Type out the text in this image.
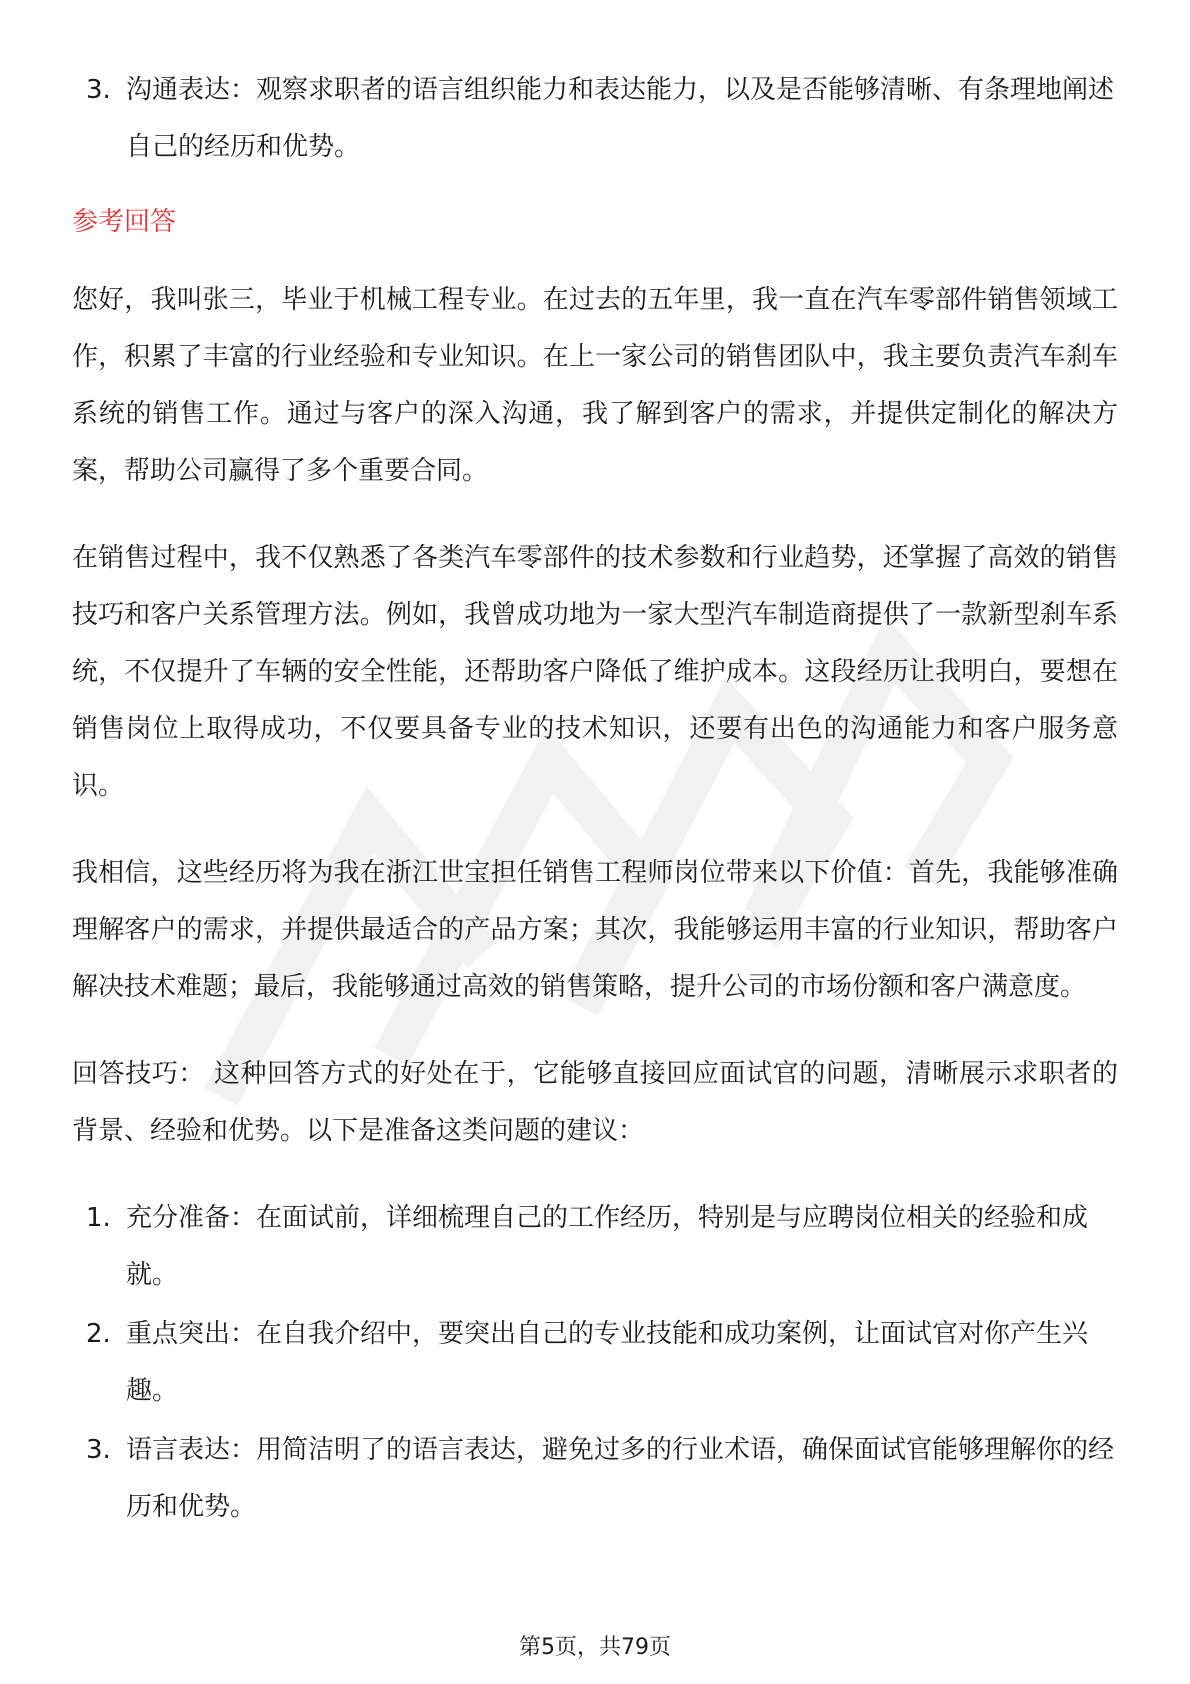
3. 沟通表达：观察求职者的语言组织能力和表达能力，以及是否能够清晰、有条理地阐述自己的经历和优势。
参考回答

您好，我叫张三，毕业于机械工程专业。在过去的五年里，我一直在汽车零部件销售领域工作，积累了丰富的行业经验和专业知识。在上一家公司的销售团队中，我主要负责汽车刹车系统的销售工作。通过与客户的深入沟通，我了解到客户的需求，并提供定制化的解决方案，帮助公司赢得了多个重要合同。

在销售过程中，我不仅熟悉了各类汽车零部件的技术参数和行业趋势，还掌握了高效的销售技巧和客户关系管理方法。例如，我曾成功地为一家大型汽车制造商提供了一款新型刹车系统，不仅提升了车辆的安全性能，还帮助客户降低了维护成本。这段经历让我明白，要想在销售岗位上取得成功，不仅要具备专业的技术知识，还要有出色的沟通能力和客户服务意识。

我相信，这些经历将为我在浙江世宝担任销售工程师岗位带来以下价值：首先，我能够准确理解客户的需求，并提供最适合的产品方案；其次，我能够运用丰富的行业知识，帮助客户解决技术难题；最后，我能够通过高效的销售策略，提升公司的市场份额和客户满意度。

回答技巧： 这种回答方式的好处在于，它能够直接回应面试官的问题，清晰展示求职者的背景、经验和优势。以下是准备这类问题的建议：

1. 充分准备：在面试前，详细梳理自己的工作经历，特别是与应聘岗位相关的经验和成就。
2. 重点突出：在自我介绍中，要突出自己的专业技能和成功案例，让面试官对你产生兴趣。
3. 语言表达：用简洁明了的语言表达，避免过多的行业术语，确保面试官能够理解你的经历和优势。
第5页，共79页
